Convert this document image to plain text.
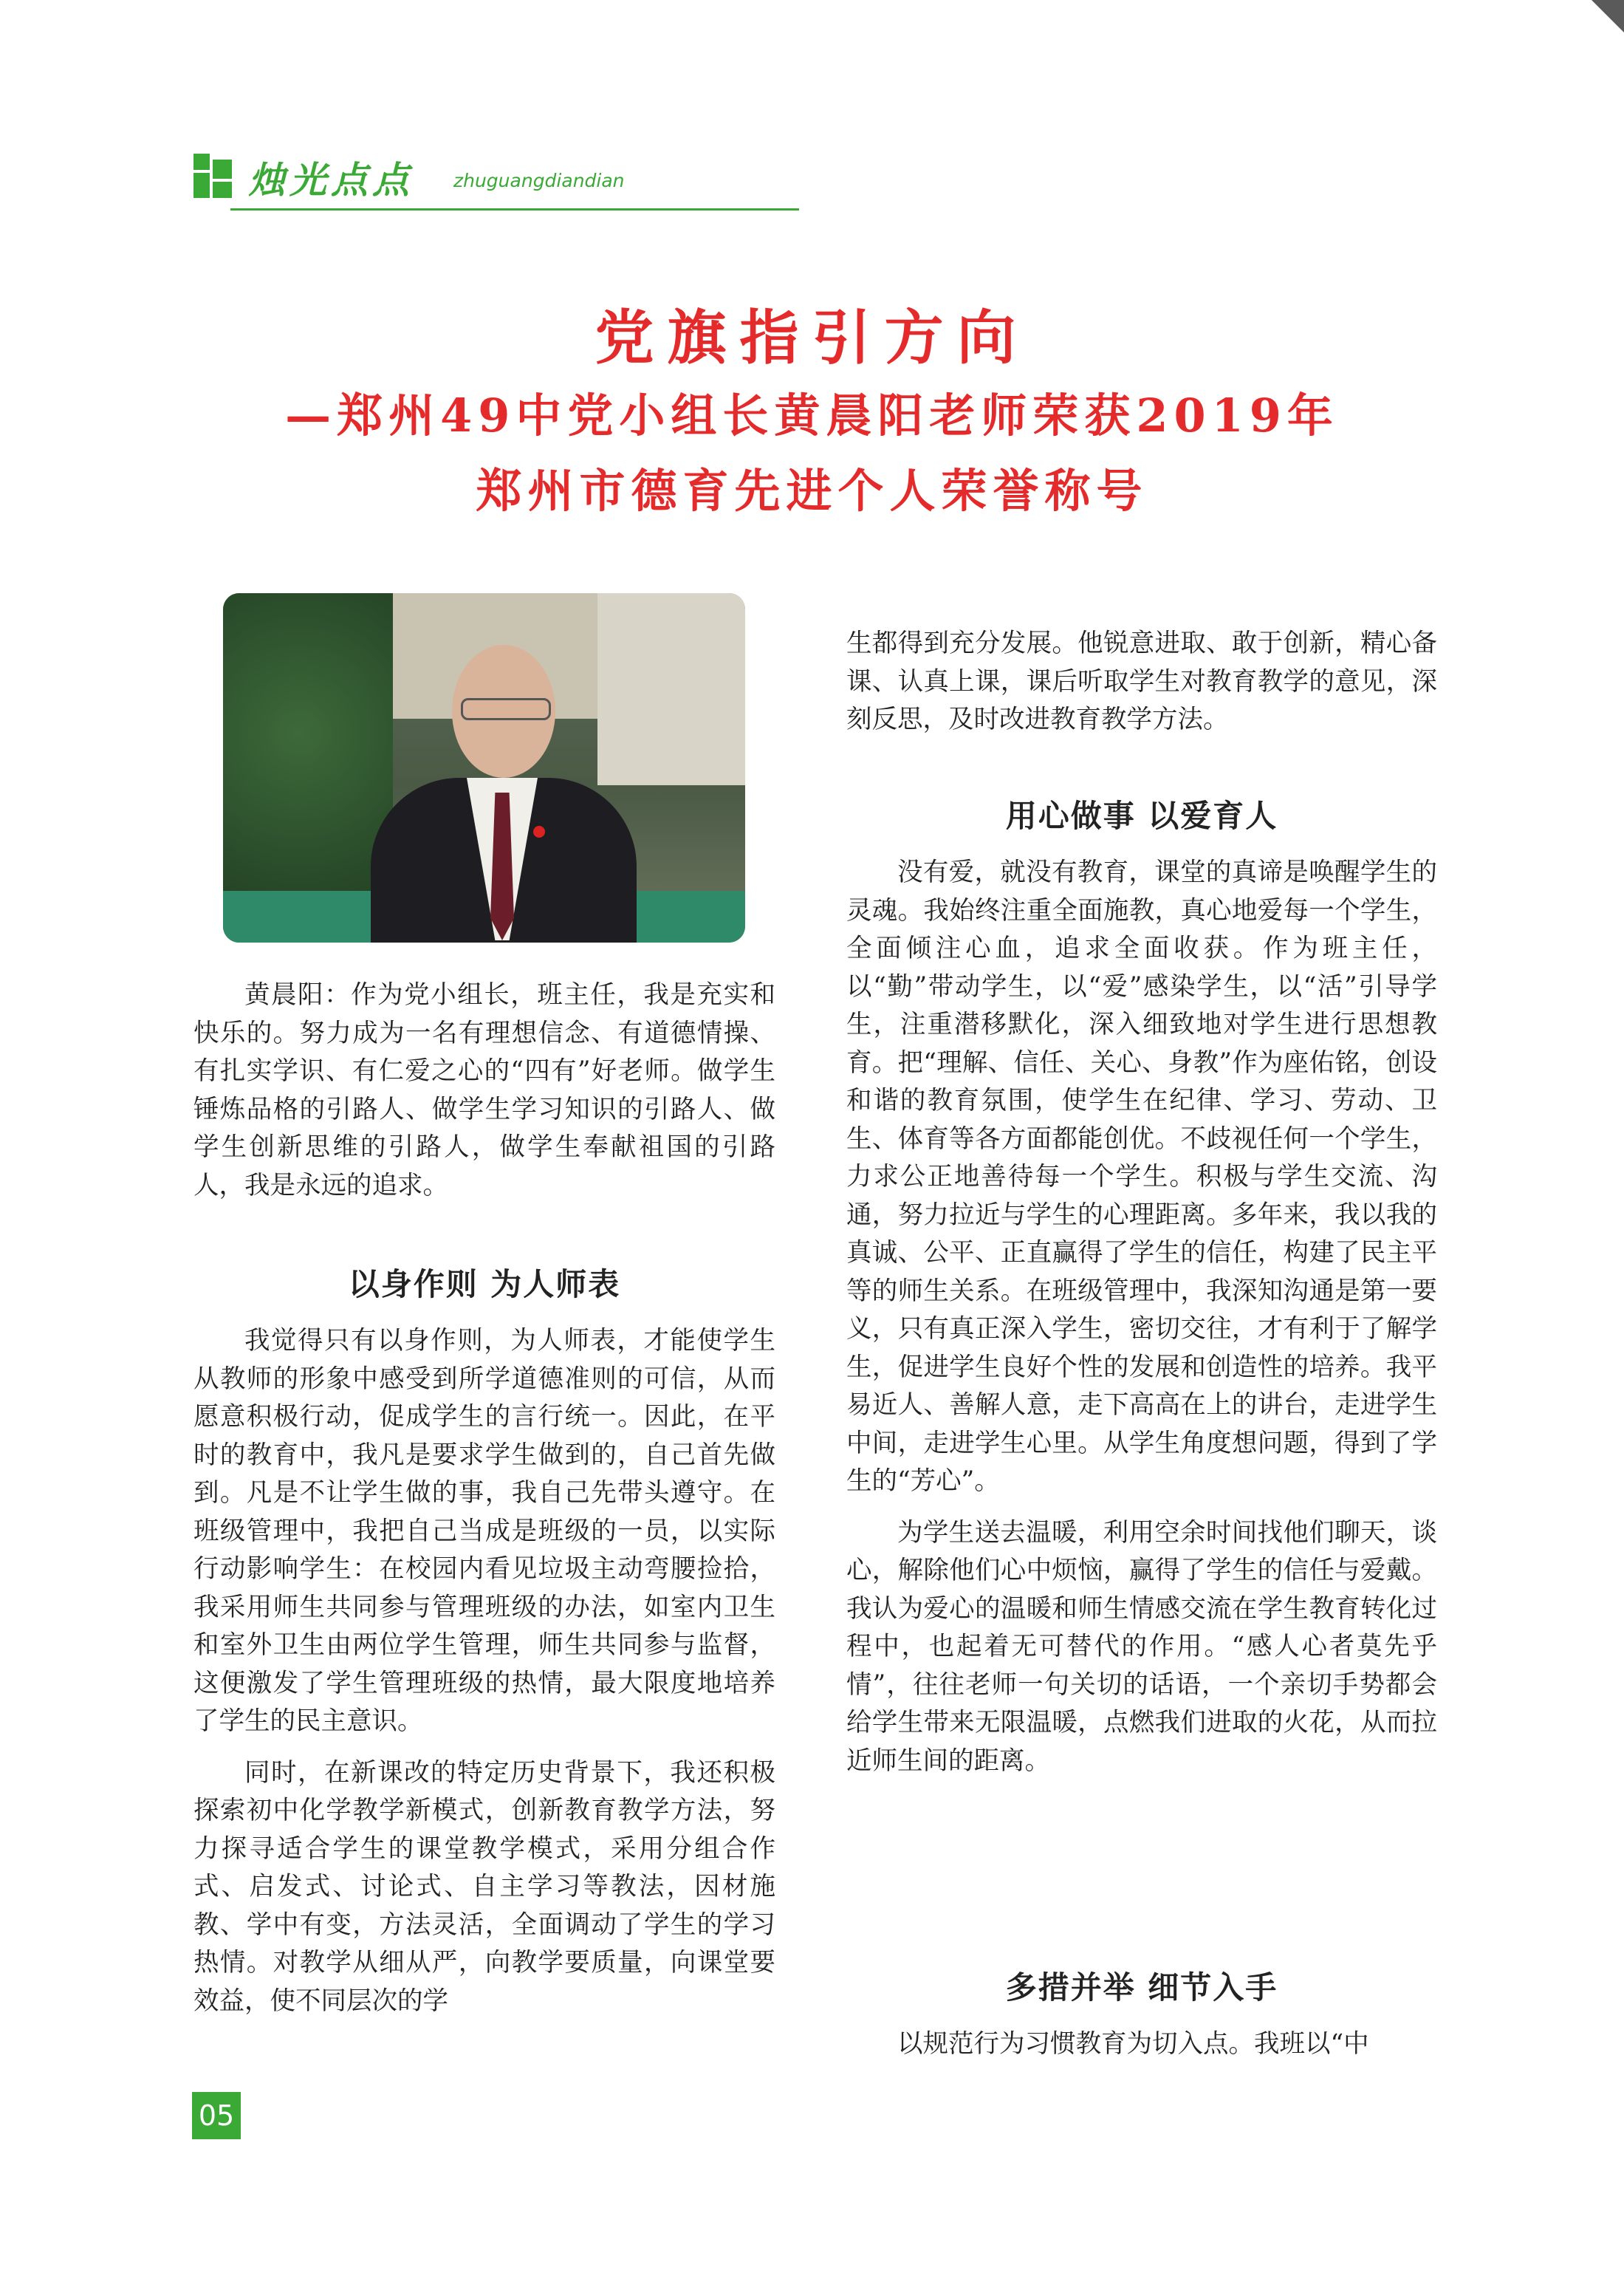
烛光点点 zhuguangdiandian
党旗指引方向
—郑州49中党小组长黄晨阳老师荣获2019年
郑州市德育先进个人荣誉称号

黄晨阳：作为党小组长，班主任，我是充实和快乐的。努力成为一名有理想信念、有道德情操、有扎实学识、有仁爱之心的“四有”好老师。做学生锤炼品格的引路人、做学生学习知识的引路人、做学生创新思维的引路人，做学生奉献祖国的引路人，我是永远的追求。

以身作则 为人师表

我觉得只有以身作则，为人师表，才能使学生从教师的形象中感受到所学道德准则的可信，从而愿意积极行动，促成学生的言行统一。因此，在平时的教育中，我凡是要求学生做到的，自己首先做到。凡是不让学生做的事，我自己先带头遵守。在班级管理中，我把自己当成是班级的一员，以实际行动影响学生：在校园内看见垃圾主动弯腰捡拾，我采用师生共同参与管理班级的办法，如室内卫生和室外卫生由两位学生管理，师生共同参与监督，这便激发了学生管理班级的热情，最大限度地培养了学生的民主意识。

同时，在新课改的特定历史背景下，我还积极探索初中化学教学新模式，创新教育教学方法，努力探寻适合学生的课堂教学模式，采用分组合作式、启发式、讨论式、自主学习等教法，因材施教、学中有变，方法灵活，全面调动了学生的学习热情。对教学从细从严，向教学要质量，向课堂要效益，使不同层次的学

生都得到充分发展。他锐意进取、敢于创新，精心备课、认真上课，课后听取学生对教育教学的意见，深刻反思，及时改进教育教学方法。

用心做事 以爱育人

没有爱，就没有教育，课堂的真谛是唤醒学生的灵魂。我始终注重全面施教，真心地爱每一个学生，全面倾注心血，追求全面收获。作为班主任，以“勤”带动学生，以“爱”感染学生，以“活”引导学生，注重潜移默化，深入细致地对学生进行思想教育。把“理解、信任、关心、身教”作为座佑铭，创设和谐的教育氛围，使学生在纪律、学习、劳动、卫生、体育等各方面都能创优。不歧视任何一个学生，力求公正地善待每一个学生。积极与学生交流、沟通，努力拉近与学生的心理距离。多年来，我以我的真诚、公平、正直赢得了学生的信任，构建了民主平等的师生关系。在班级管理中，我深知沟通是第一要义，只有真正深入学生，密切交往，才有利于了解学生，促进学生良好个性的发展和创造性的培养。我平易近人、善解人意，走下高高在上的讲台，走进学生中间，走进学生心里。从学生角度想问题，得到了学生的“芳心”。

为学生送去温暖，利用空余时间找他们聊天，谈心，解除他们心中烦恼，赢得了学生的信任与爱戴。我认为爱心的温暖和师生情感交流在学生教育转化过程中，也起着无可替代的作用。“感人心者莫先乎情”，往往老师一句关切的话语，一个亲切手势都会给学生带来无限温暖，点燃我们进取的火花，从而拉近师生间的距离。

多措并举 细节入手

以规范行为习惯教育为切入点。我班以“中

05
